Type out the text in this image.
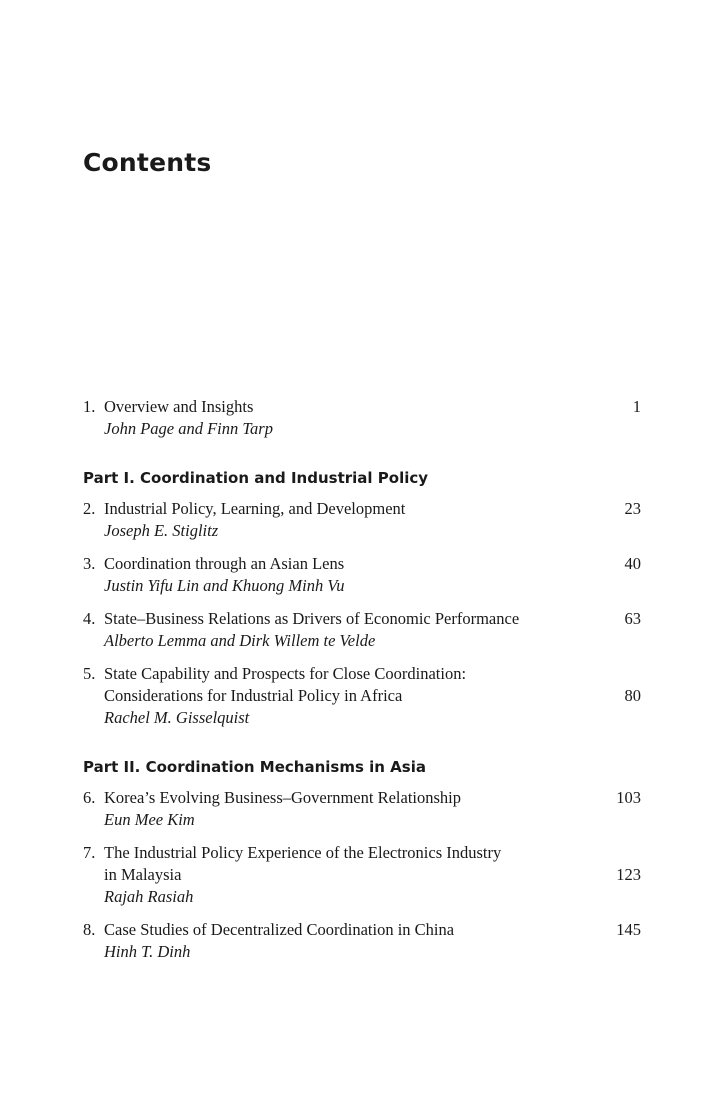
Contents
1. Overview and Insights	1
John Page and Finn Tarp
Part I. Coordination and Industrial Policy
2. Industrial Policy, Learning, and Development	23
Joseph E. Stiglitz
3. Coordination through an Asian Lens	40
Justin Yifu Lin and Khuong Minh Vu
4. State–Business Relations as Drivers of Economic Performance	63
Alberto Lemma and Dirk Willem te Velde
5. State Capability and Prospects for Close Coordination:
Considerations for Industrial Policy in Africa	80
Rachel M. Gisselquist
Part II. Coordination Mechanisms in Asia
6. Korea’s Evolving Business–Government Relationship	103
Eun Mee Kim
7. The Industrial Policy Experience of the Electronics Industry
in Malaysia	123
Rajah Rasiah
8. Case Studies of Decentralized Coordination in China	145
Hinh T. Dinh
